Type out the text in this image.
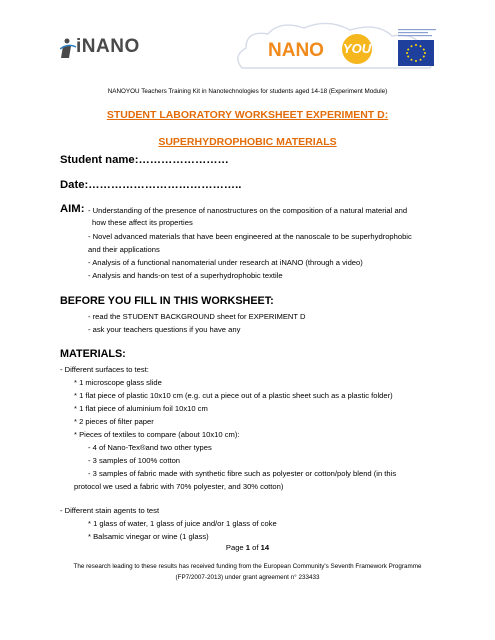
iNANO	NANO YOU
NANOYOU Teachers Training Kit in Nanotechnologies for students aged 14-18 (Experiment Module)
STUDENT LABORATORY WORKSHEET EXPERIMENT D:
SUPERHYDROPHOBIC MATERIALS
Student name:……………………
Date:…………………………………..
AIM: - Understanding of the presence of nanostructures on the composition of a natural material and
how these affect its properties
- Novel advanced materials that have been engineered at the nanoscale to be superhydrophobic
and their applications
- Analysis of a functional nanomaterial under research at iNANO (through a video)
- Analysis and hands-on test of a superhydrophobic textile
BEFORE YOU FILL IN THIS WORKSHEET:
- read the STUDENT BACKGROUND sheet for EXPERIMENT D
- ask your teachers questions if you have any
MATERIALS:
- Different surfaces to test:
* 1 microscope glass slide
* 1 flat piece of plastic 10x10 cm (e.g. cut a piece out of a plastic sheet such as a plastic folder)
* 1 flat piece of aluminium foil 10x10 cm
* 2 pieces of filter paper
* Pieces of textiles to compare (about 10x10 cm):
- 4 of Nano-Tex®and two other types
- 3 samples of 100% cotton
- 3 samples of fabric made with synthetic fibre such as polyester or cotton/poly blend (in this
protocol we used a fabric with 70% polyester, and 30% cotton)
- Different stain agents to test
* 1 glass of water, 1 glass of juice and/or 1 glass of coke
* Balsamic vinegar or wine (1 glass)
Page 1 of 14
The research leading to these results has received funding from the European Community's Seventh Framework Programme
(FP7/2007-2013) under grant agreement n° 233433
